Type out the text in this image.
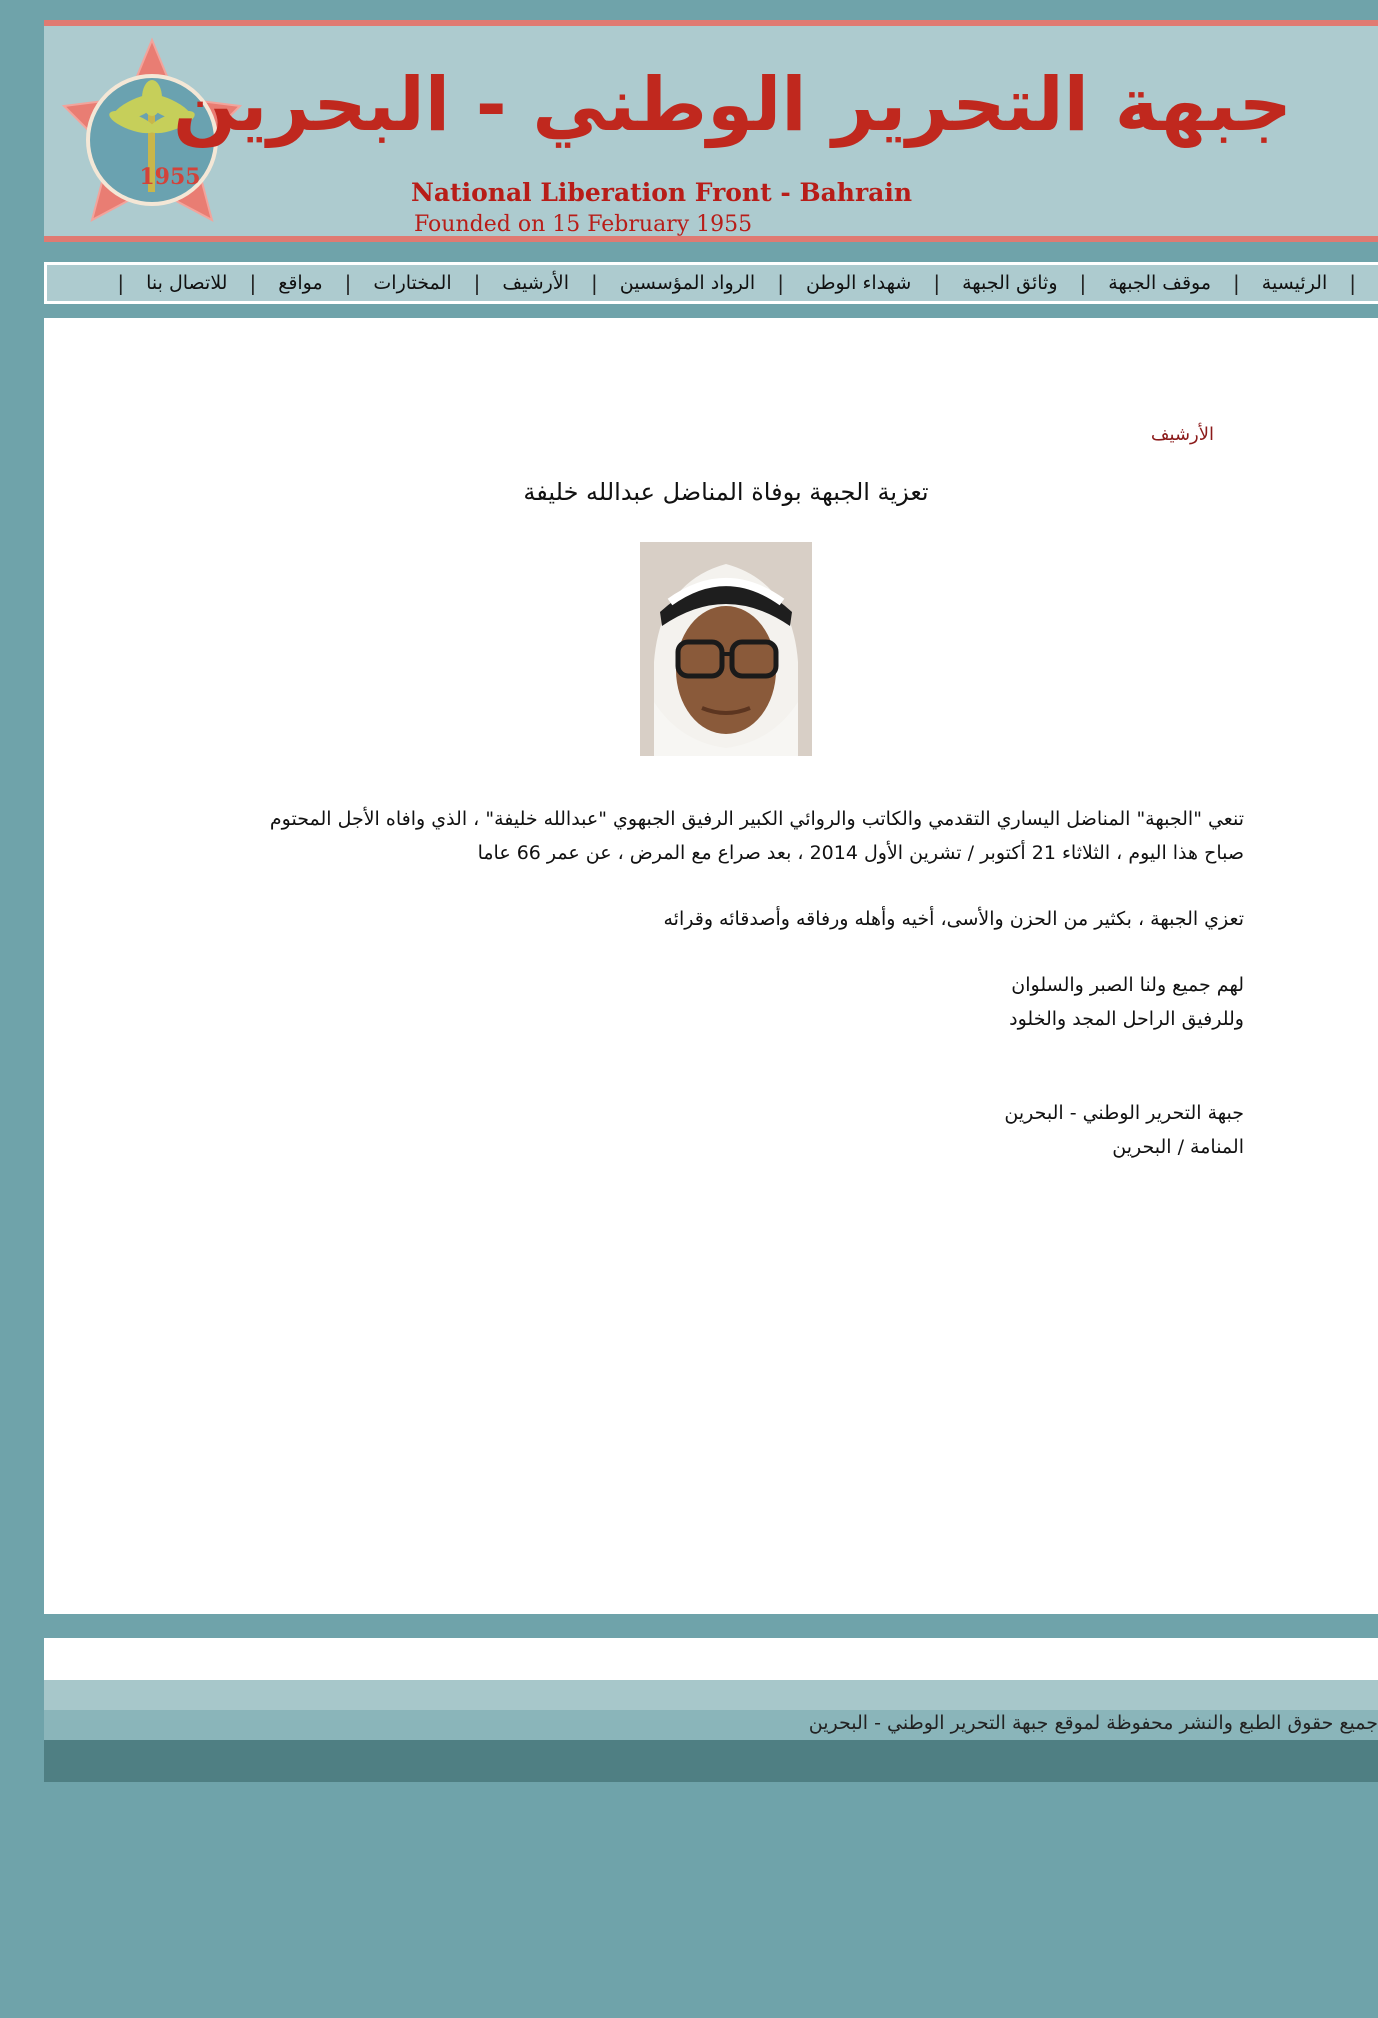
1955
جبهة التحرير الوطني - البحرين
National Liberation Front - Bahrain
Founded on 15 February 1955
|
الرئيسية
|
موقف الجبهة
|
وثائق الجبهة
|
شهداء الوطن
|
الرواد المؤسسين
|
الأرشيف
|
المختارات
|
مواقع
|
للاتصال بنا
|
الأرشيف
تعزية الجبهة بوفاة المناضل عبدالله خليفة

تنعي "الجبهة" المناضل اليساري التقدمي والكاتب والروائي الكبير الرفيق الجبهوي "عبدالله خليفة" ، الذي وافاه الأجل المحتوم

صباح هذا اليوم ، الثلاثاء 21 أكتوبر / تشرين الأول 2014 ، بعد صراع مع المرض ، عن عمر 66 عاما

تعزي الجبهة ، بكثير من الحزن والأسى، أخيه وأهله ورفاقه وأصدقائه وقرائه

لهم جميع ولنا الصبر والسلوان

وللرفيق الراحل المجد والخلود

جبهة التحرير الوطني - البحرين

المنامة / البحرين

جميع حقوق الطبع والنشر محفوظة لموقع جبهة التحرير الوطني - البحرين
